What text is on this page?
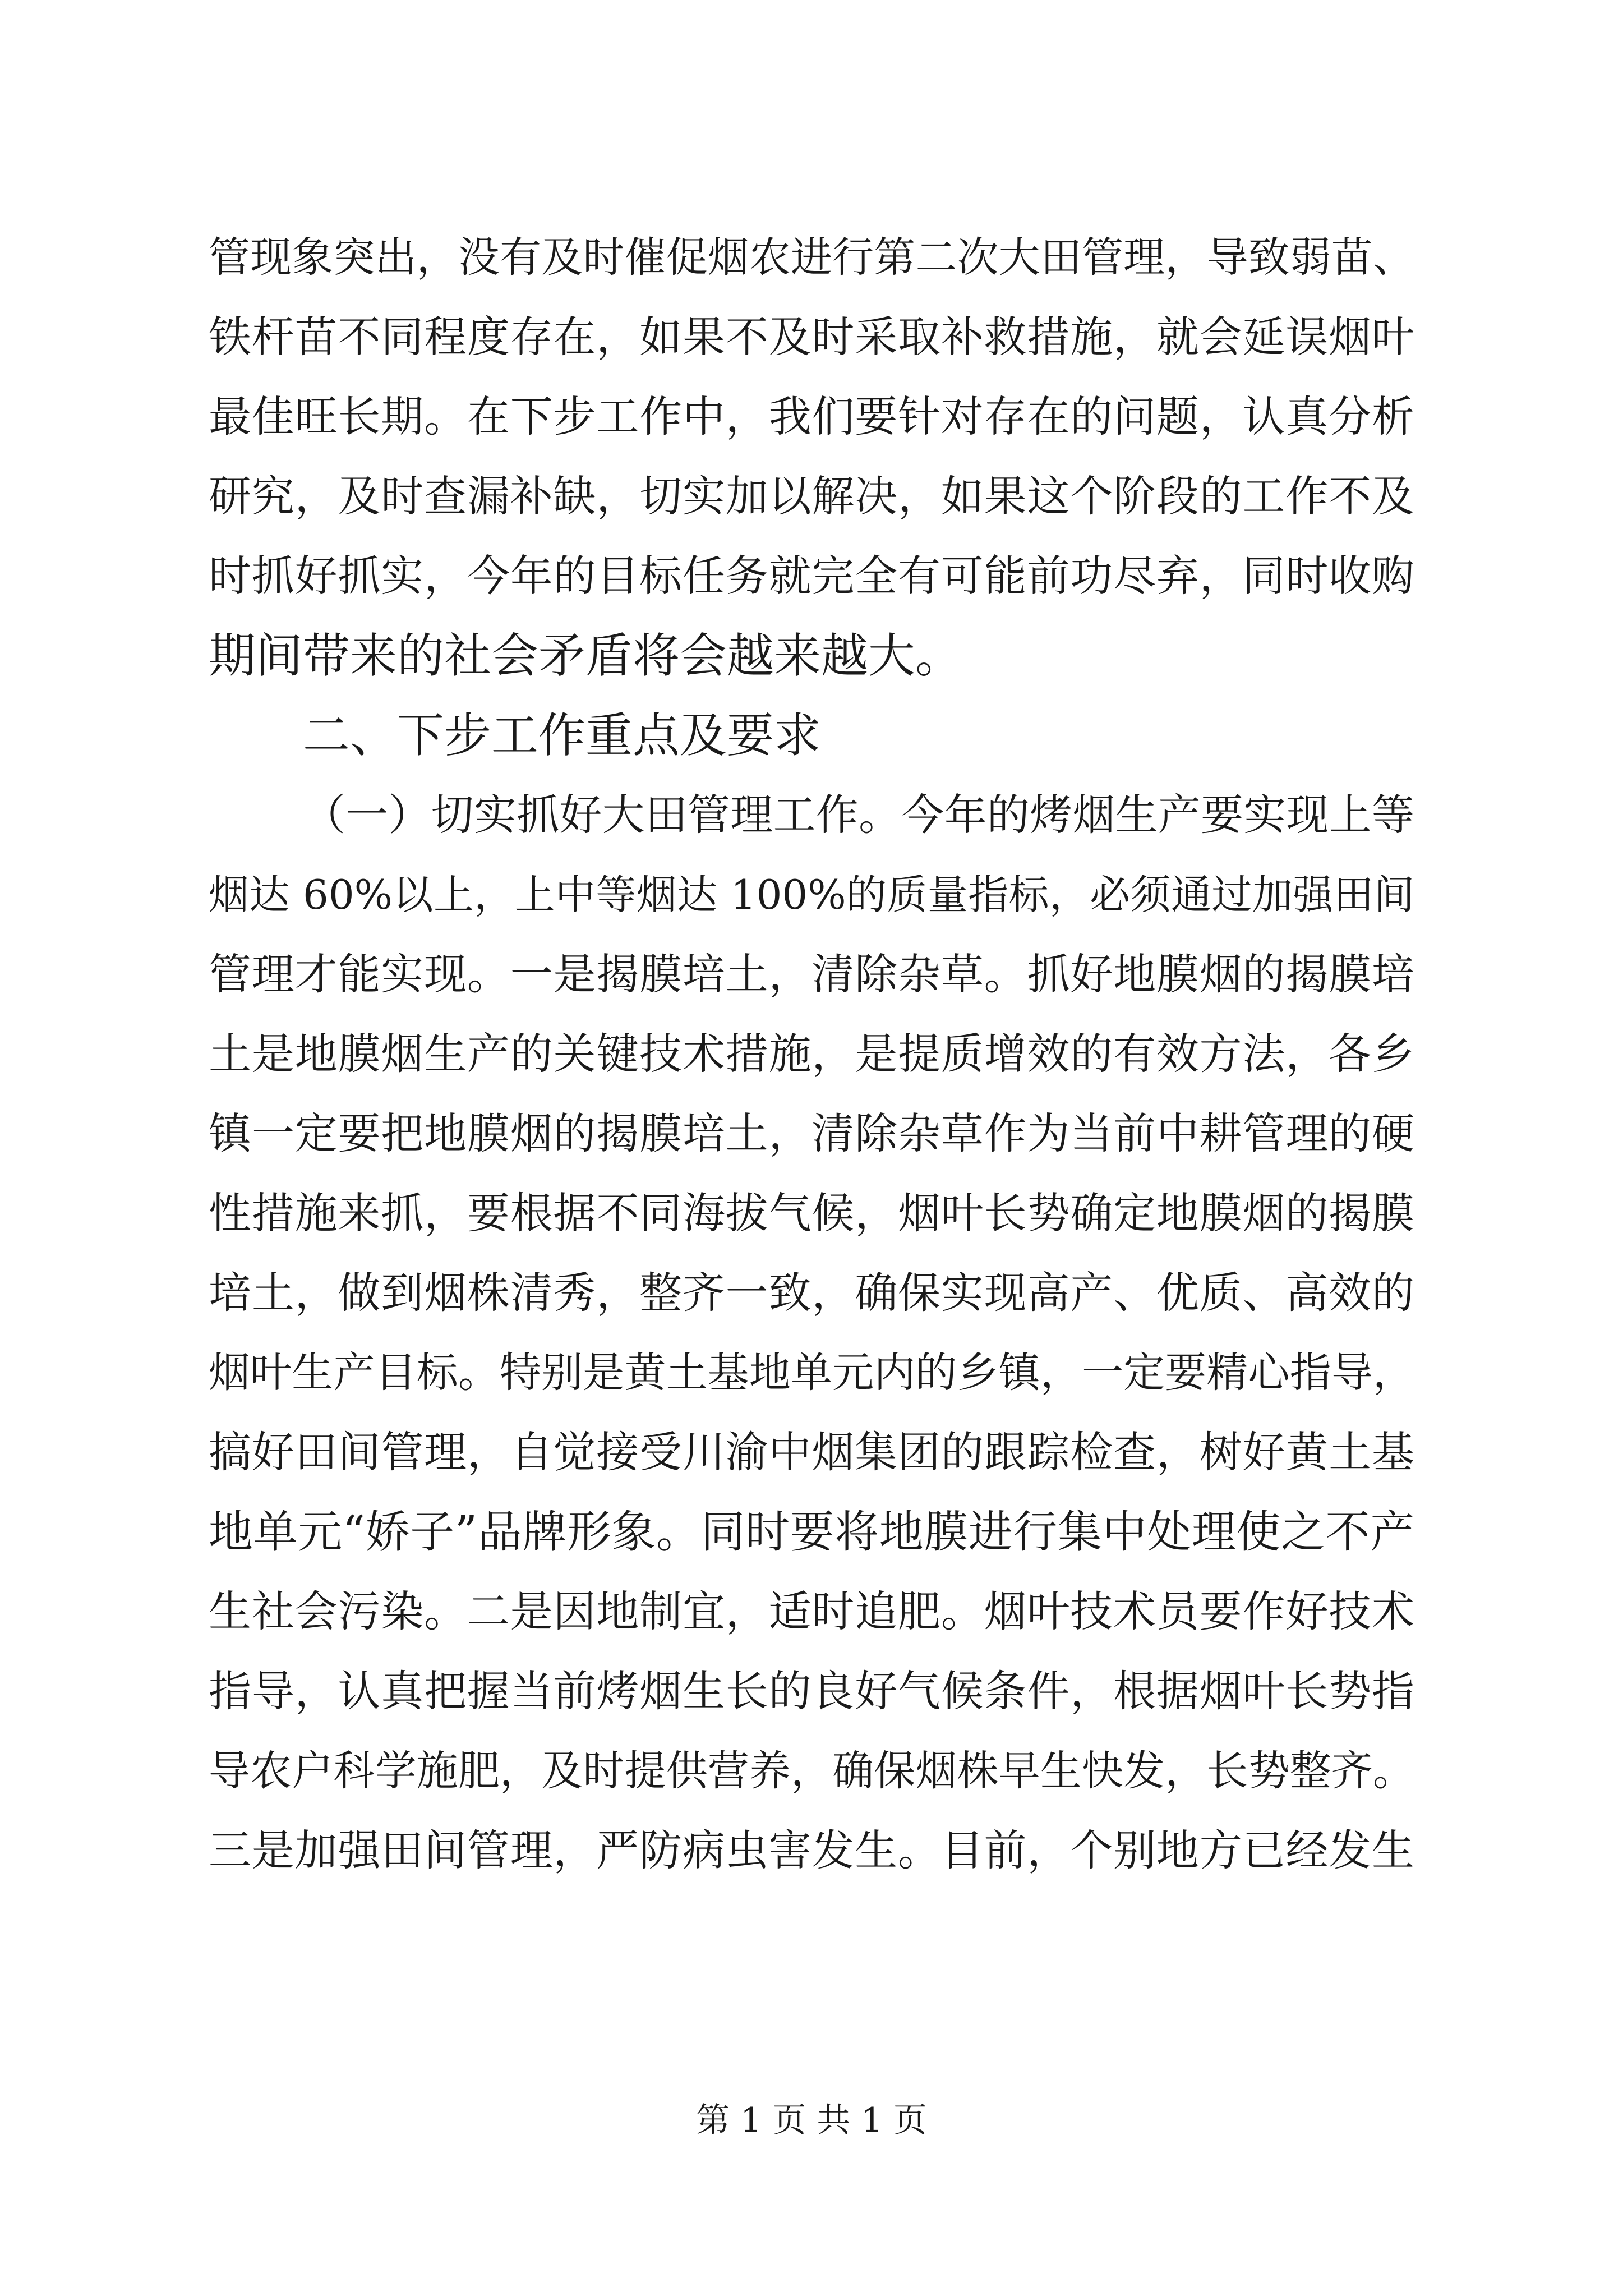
管现象突出，没有及时催促烟农进行第二次大田管理，导致弱苗、
铁杆苗不同程度存在，如果不及时采取补救措施，就会延误烟叶
最佳旺长期。在下步工作中，我们要针对存在的问题，认真分析
研究，及时查漏补缺，切实加以解决，如果这个阶段的工作不及
时抓好抓实，今年的目标任务就完全有可能前功尽弃，同时收购
期间带来的社会矛盾将会越来越大。
二、下步工作重点及要求
（一）切实抓好大田管理工作。今年的烤烟生产要实现上等
烟达 60%以上，上中等烟达 100%的质量指标，必须通过加强田间
管理才能实现。一是揭膜培土，清除杂草。抓好地膜烟的揭膜培
土是地膜烟生产的关键技术措施，是提质增效的有效方法，各乡
镇一定要把地膜烟的揭膜培土，清除杂草作为当前中耕管理的硬
性措施来抓，要根据不同海拔气候，烟叶长势确定地膜烟的揭膜
培土，做到烟株清秀，整齐一致，确保实现高产、优质、高效的
烟叶生产目标。特别是黄土基地单元内的乡镇，一定要精心指导，
搞好田间管理，自觉接受川渝中烟集团的跟踪检查，树好黄土基
地单元“娇子”品牌形象。同时要将地膜进行集中处理使之不产
生社会污染。二是因地制宜，适时追肥。烟叶技术员要作好技术
指导，认真把握当前烤烟生长的良好气候条件，根据烟叶长势指
导农户科学施肥，及时提供营养，确保烟株早生快发，长势整齐。
三是加强田间管理，严防病虫害发生。目前，个别地方已经发生
第 1 页 共 1 页
